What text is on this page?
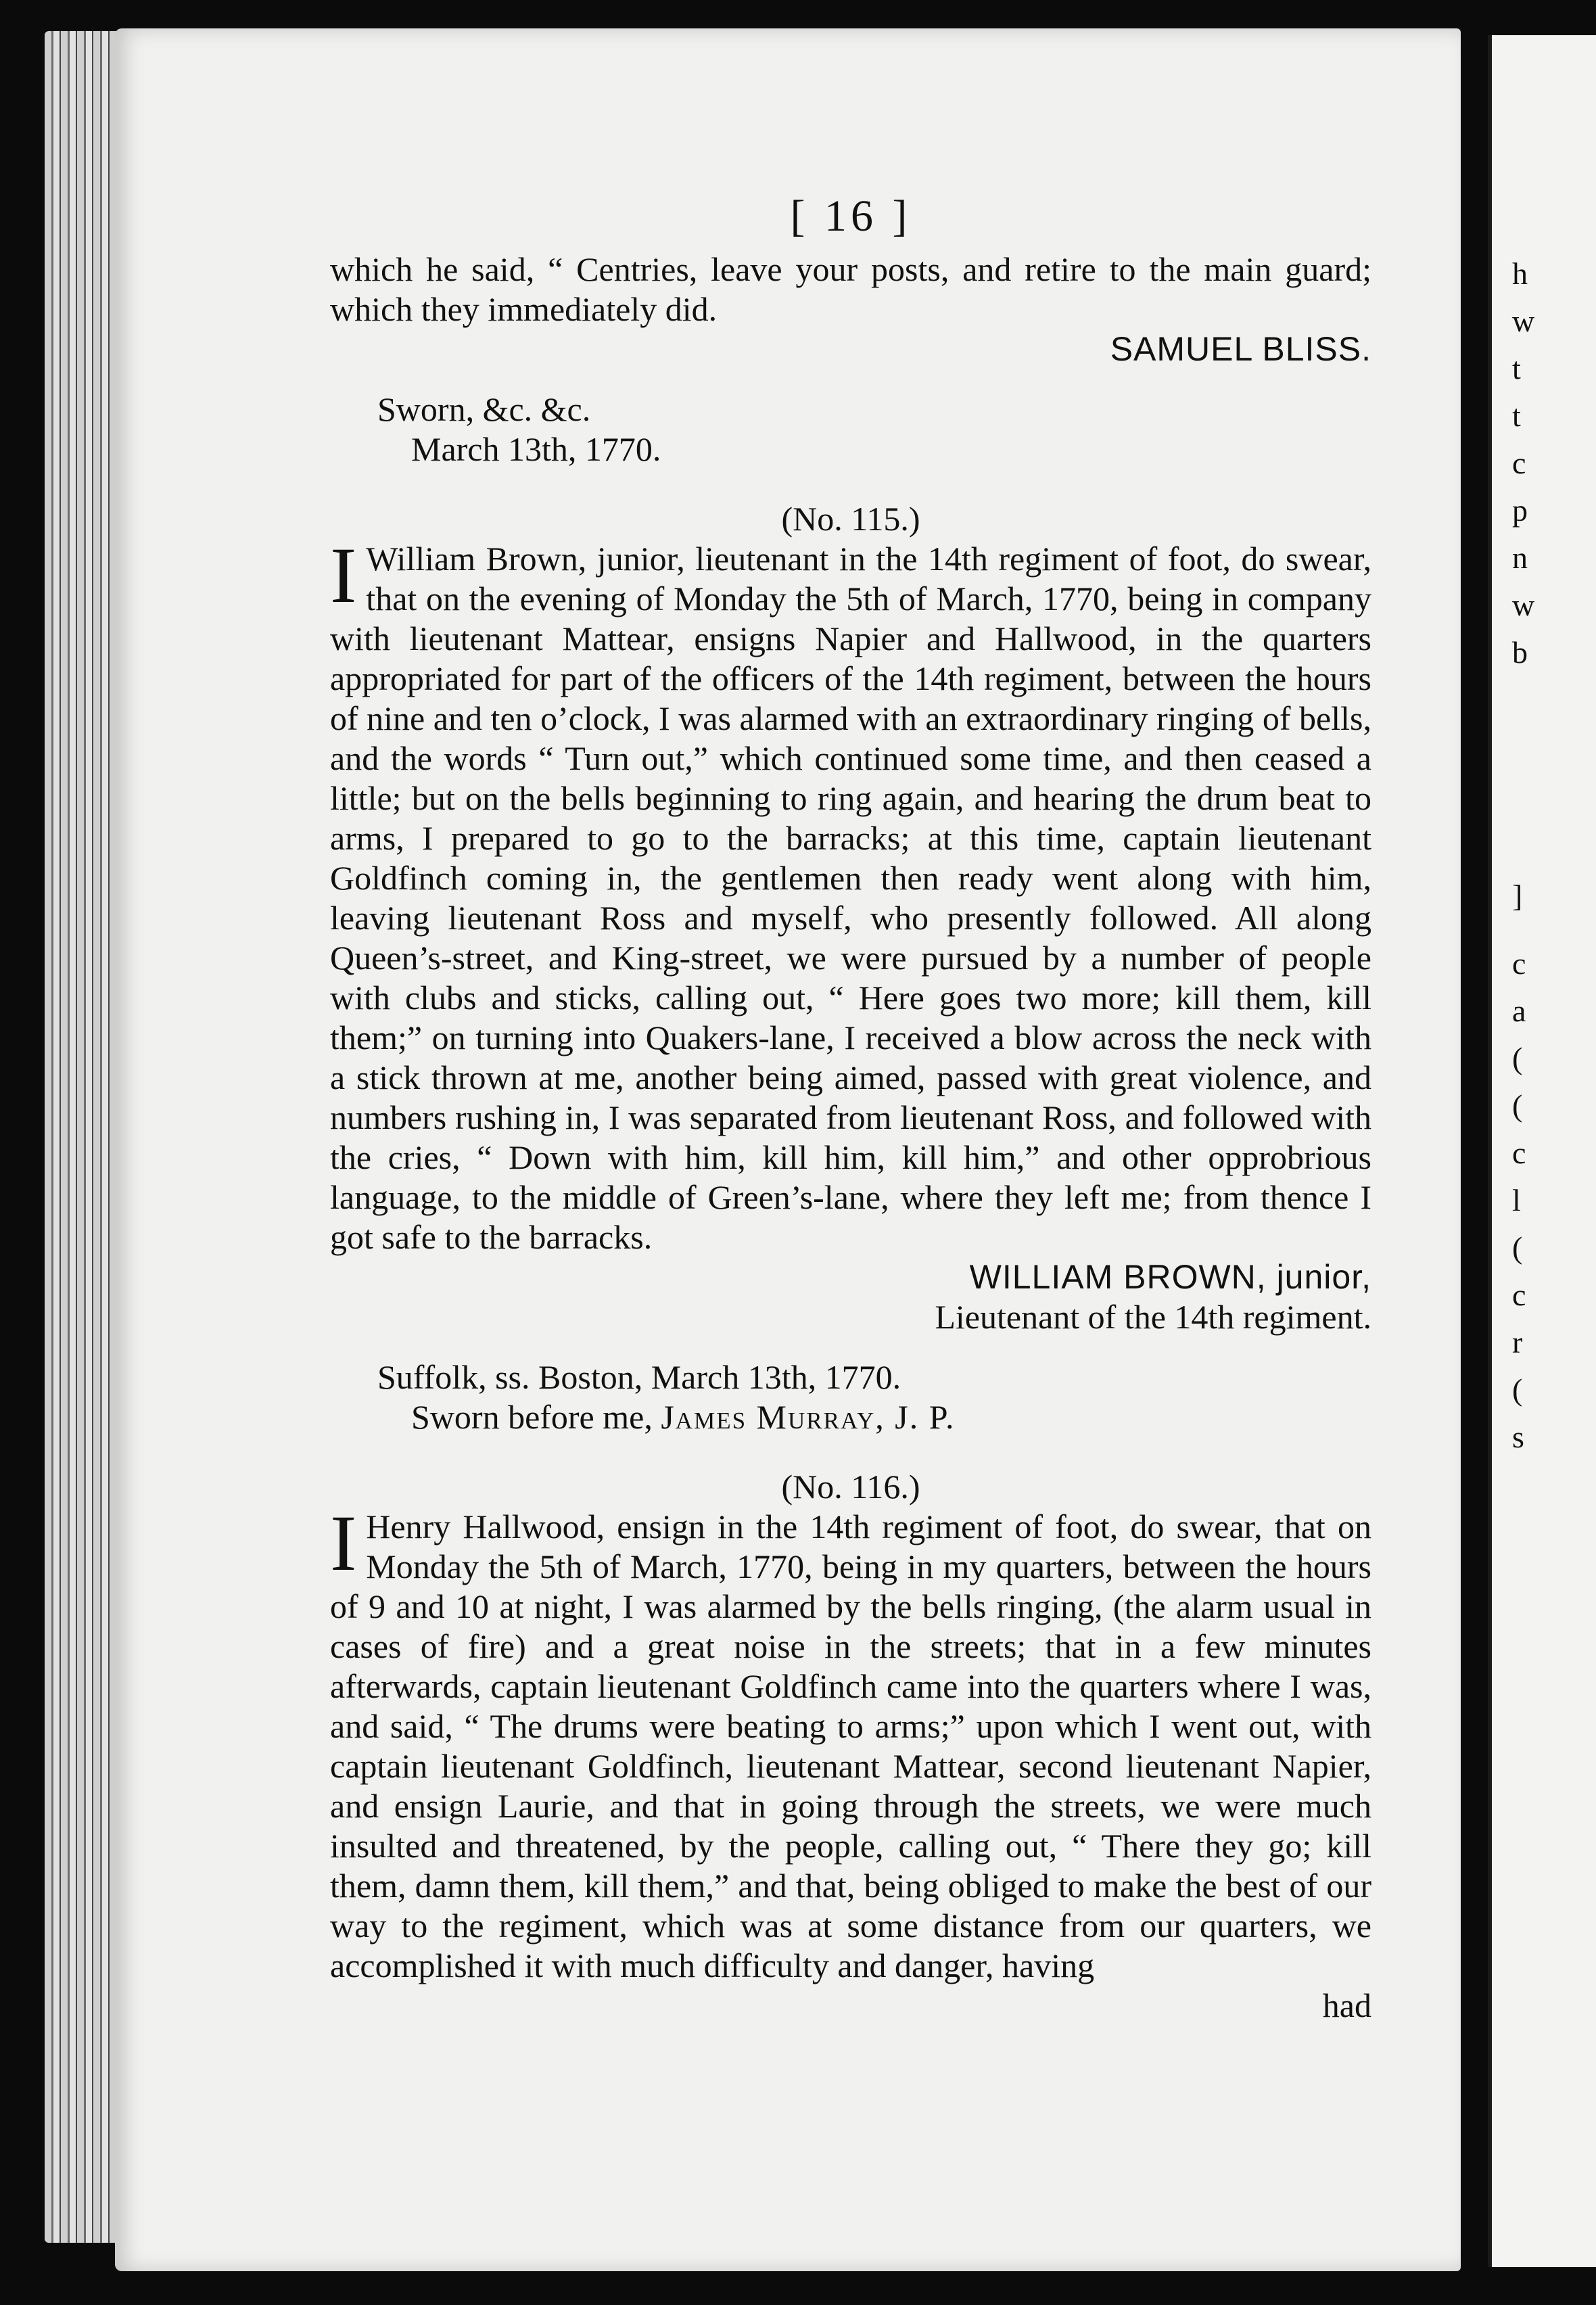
h
w
t
t
c
p
n
w
b
]
c
a
(
(
c
l
(
c
r
(
s
[ 16 ]

which he said, “ Centries, leave your posts, and retire to the main guard; which they immediately did.

SAMUEL BLISS.

Sworn, &c. &c.

March 13th, 1770.

(No. 115.)

I William Brown, junior, lieutenant in the 14th regiment of foot, do swear, that on the evening of Monday the 5th of March, 1770, being in company with lieutenant Mattear, ensigns Napier and Hallwood, in the quarters appropriated for part of the officers of the 14th regiment, between the hours of nine and ten o’clock, I was alarmed with an extraordinary ringing of bells, and the words “ Turn out,” which continued some time, and then ceased a little; but on the bells beginning to ring again, and hearing the drum beat to arms, I prepared to go to the barracks; at this time, captain lieutenant Goldfinch coming in, the gentlemen then ready went along with him, leaving lieutenant Ross and myself, who presently followed. All along Queen’s-street, and King-street, we were pursued by a number of people with clubs and sticks, calling out, “ Here goes two more; kill them, kill them;” on turning into Quakers-lane, I received a blow across the neck with a stick thrown at me, another being aimed, passed with great violence, and numbers rushing in, I was separated from lieutenant Ross, and followed with the cries, “ Down with him, kill him, kill him,” and other opprobrious language, to the middle of Green’s-lane, where they left me; from thence I got safe to the barracks.

WILLIAM BROWN, junior,

Lieutenant of the 14th regiment.

Suffolk, ss. Boston, March 13th, 1770.

Sworn before me, James Murray, J. P.

(No. 116.)

I Henry Hallwood, ensign in the 14th regiment of foot, do swear, that on Monday the 5th of March, 1770, being in my quarters, between the hours of 9 and 10 at night, I was alarmed by the bells ringing, (the alarm usual in cases of fire) and a great noise in the streets; that in a few minutes afterwards, captain lieutenant Goldfinch came into the quarters where I was, and said, “ The drums were beating to arms;” upon which I went out, with captain lieutenant Goldfinch, lieutenant Mattear, second lieutenant Napier, and ensign Laurie, and that in going through the streets, we were much insulted and threatened, by the people, calling out, “ There they go; kill them, damn them, kill them,” and that, being obliged to make the best of our way to the regiment, which was at some distance from our quarters, we accomplished it with much difficulty and danger, having

had
